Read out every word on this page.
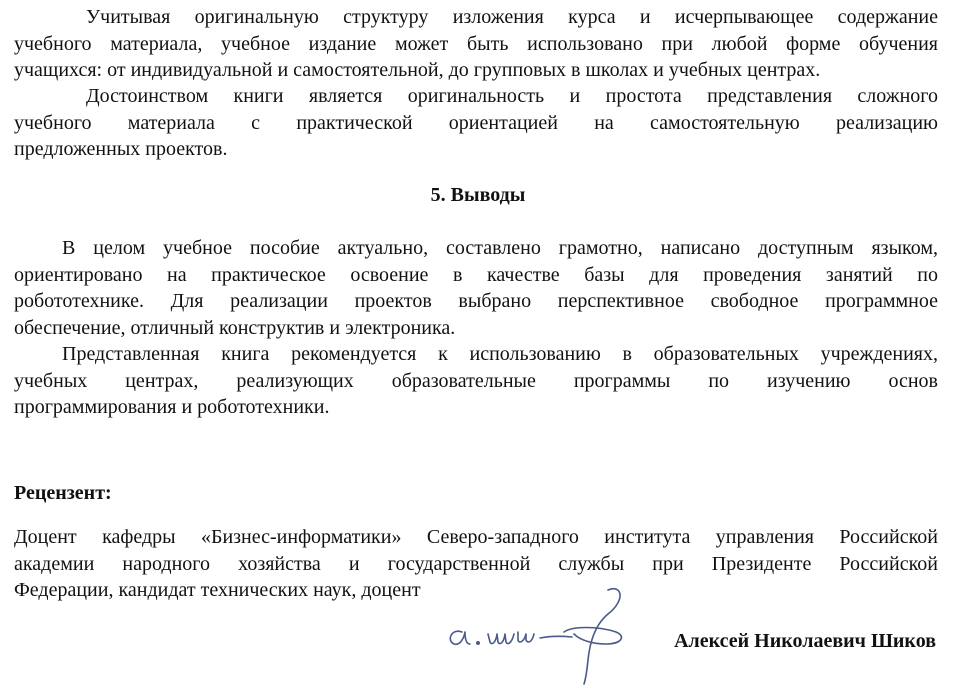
Учитывая оригинальную структуру изложения курса и исчерпывающее содержание
учебного материала, учебное издание может быть использовано при любой форме обучения
учащихся: от индивидуальной и самостоятельной, до групповых в школах и учебных центрах.
Достоинством книги является оригинальность и простота представления сложного
учебного материала с практической ориентацией на самостоятельную реализацию
предложенных проектов.
5. Выводы
В целом учебное пособие актуально, составлено грамотно, написано доступным языком,
ориентировано на практическое освоение в качестве базы для проведения занятий по
робототехнике. Для реализации проектов выбрано перспективное свободное программное
обеспечение, отличный конструктив и электроника.
Представленная книга рекомендуется к использованию в образовательных учреждениях,
учебных центрах, реализующих образовательные программы по изучению основ
программирования и робототехники.
Рецензент:
Доцент кафедры «Бизнес-информатики» Северо-западного института управления Российской
академии народного хозяйства и государственной службы при Президенте Российской
Федерации, кандидат технических наук, доцент
Алексей Николаевич Шиков
